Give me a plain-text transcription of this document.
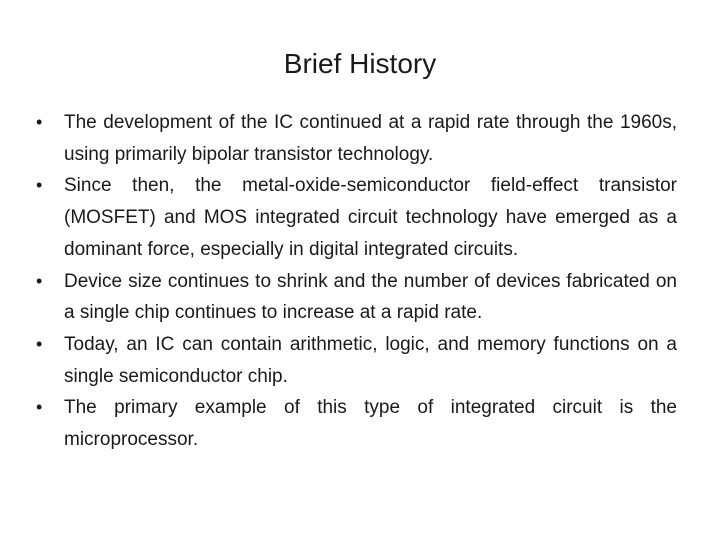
Brief History
•	The development of the IC continued at a rapid rate through the 1960s, using primarily bipolar transistor technology.
•	Since then, the metal-oxide-semiconductor field-effect transistor (MOSFET) and MOS integrated circuit technology have emerged as a dominant force, especially in digital integrated circuits.
•	Device size continues to shrink and the number of devices fabricated on a single chip continues to increase at a rapid rate.
•	Today, an IC can contain arithmetic, logic, and memory functions on a single semiconductor chip.
•	The primary example of this type of integrated circuit is the microprocessor.
